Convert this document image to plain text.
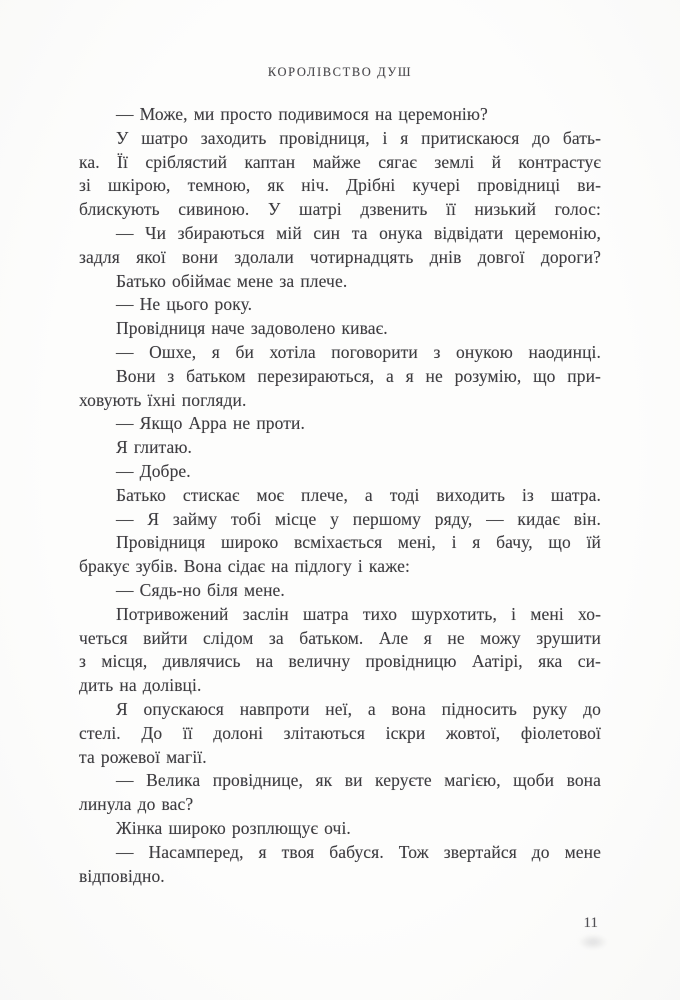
КОРОЛІВСТВО ДУШ
— Може, ми просто подивимося на церемонію?
У шатро заходить провідниця, і я притискаюся до бать-
ка. Її сріблястий каптан майже сягає землі й контрастує
зі шкірою, темною, як ніч. Дрібні кучері провідниці ви-
блискують сивиною. У шатрі дзвенить її низький голос:
— Чи збираються мій син та онука відвідати церемонію,
задля якої вони здолали чотирнадцять днів довгої дороги?
Батько обіймає мене за плече.
— Не цього року.
Провідниця наче задоволено киває.
— Ошхе, я би хотіла поговорити з онукою наодинці.
Вони з батьком перезираються, а я не розумію, що при-
ховують їхні погляди.
— Якщо Арра не проти.
Я глитаю.
— Добре.
Батько стискає моє плече, а тоді виходить із шатра.
— Я займу тобі місце у першому ряду, — кидає він.
Провідниця широко всміхається мені, і я бачу, що їй
бракує зубів. Вона сідає на підлогу і каже:
— Сядь-но біля мене.
Потривожений заслін шатра тихо шурхотить, і мені хо-
четься вийти слідом за батьком. Але я не можу зрушити
з місця, дивлячись на величну провідницю Аатірі, яка си-
дить на долівці.
Я опускаюся навпроти неї, а вона підносить руку до
стелі. До її долоні злітаються іскри жовтої, фіолетової
та рожевої магії.
— Велика провіднице, як ви керуєте магією, щоби вона
линула до вас?
Жінка широко розплющує очі.
— Насамперед, я твоя бабуся. Тож звертайся до мене
відповідно.
11
